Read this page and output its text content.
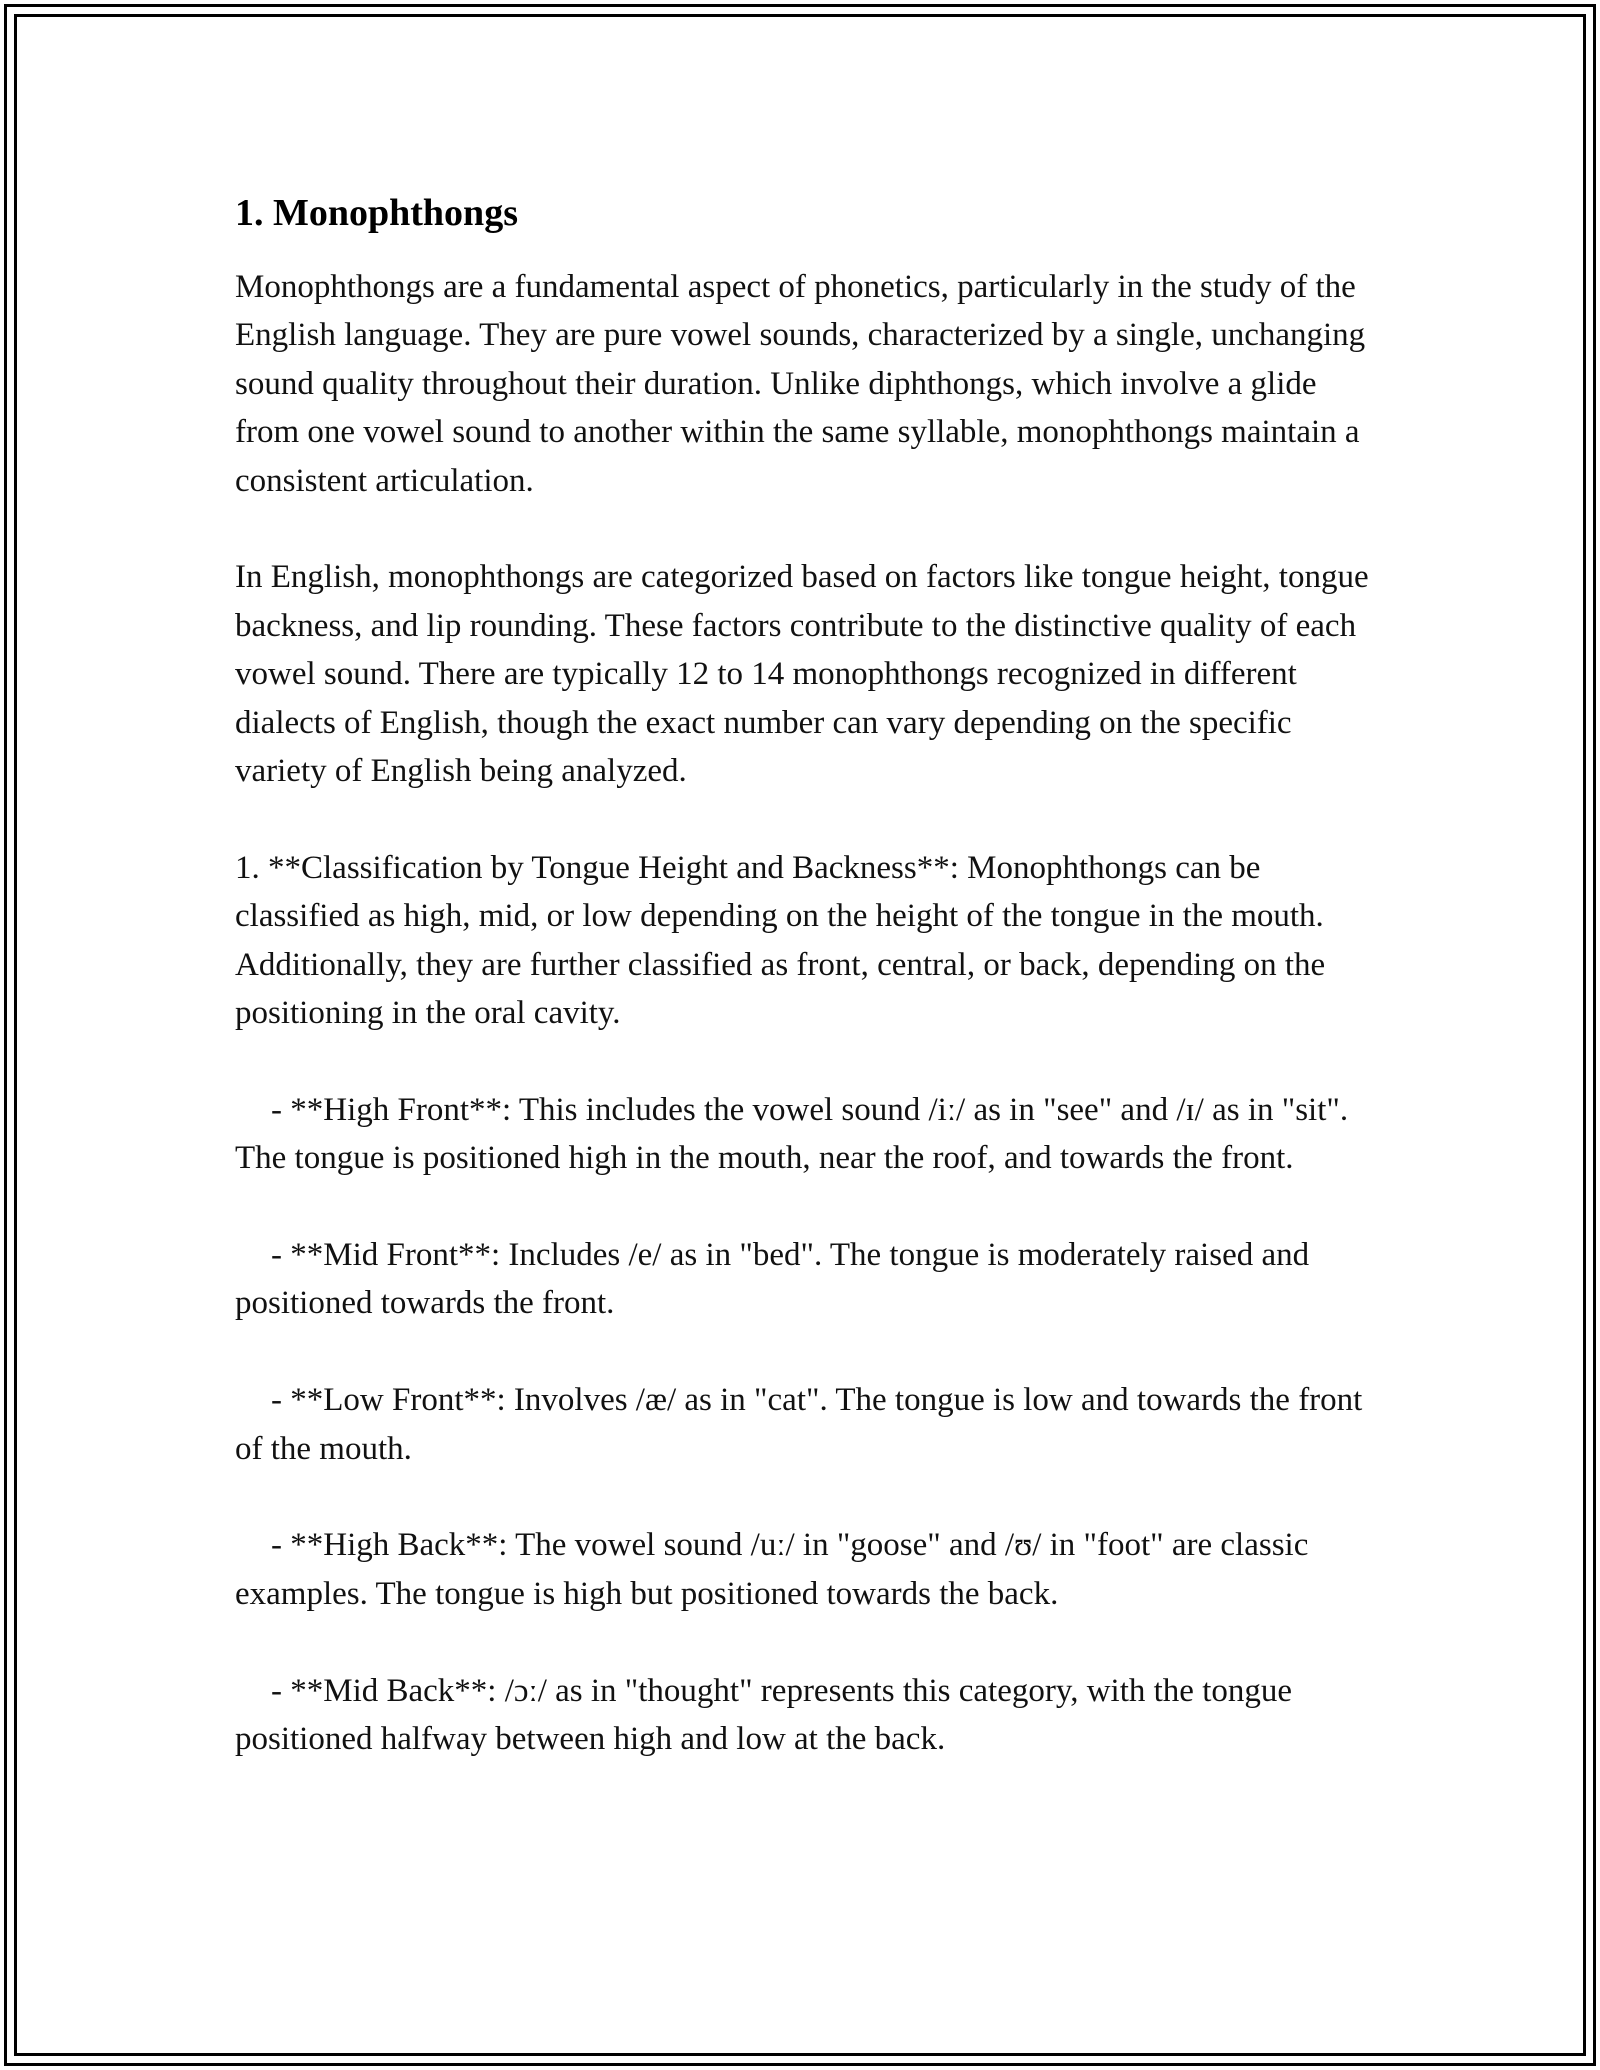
1. Monophthongs

Monophthongs are a fundamental aspect of phonetics, particularly in the study of the English language. They are pure vowel sounds, characterized by a single, unchanging sound quality throughout their duration. Unlike diphthongs, which involve a glide from one vowel sound to another within the same syllable, monophthongs maintain a consistent articulation.

In English, monophthongs are categorized based on factors like tongue height, tongue backness, and lip rounding. These factors contribute to the distinctive quality of each vowel sound. There are typically 12 to 14 monophthongs recognized in different dialects of English, though the exact number can vary depending on the specific variety of English being analyzed.

1. **Classification by Tongue Height and Backness**: Monophthongs can be classified as high, mid, or low depending on the height of the tongue in the mouth. Additionally, they are further classified as front, central, or back, depending on the positioning in the oral cavity.

- **High Front**: This includes the vowel sound /iː/ as in "see" and /ɪ/ as in "sit". The tongue is positioned high in the mouth, near the roof, and towards the front.

- **Mid Front**: Includes /e/ as in "bed". The tongue is moderately raised and positioned towards the front.

- **Low Front**: Involves /æ/ as in "cat". The tongue is low and towards the front of the mouth.

- **High Back**: The vowel sound /uː/ in "goose" and /ʊ/ in "foot" are classic examples. The tongue is high but positioned towards the back.

- **Mid Back**: /ɔː/ as in "thought" represents this category, with the tongue positioned halfway between high and low at the back.
